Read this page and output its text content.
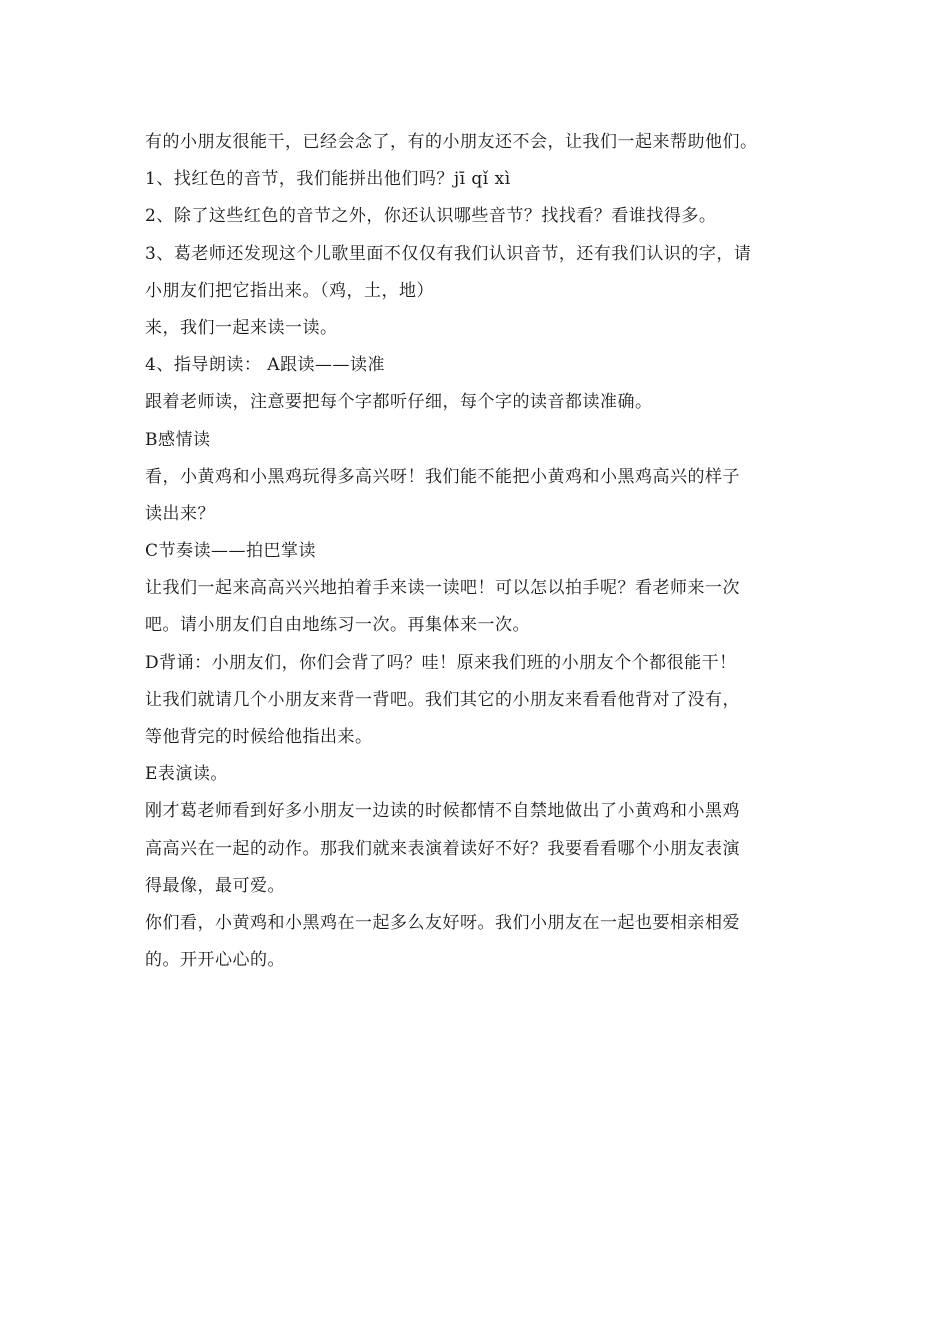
有的小朋友很能干，已经会念了，有的小朋友还不会，让我们一起来帮助他们。

1、找红色的音节，我们能拼出他们吗？jī qǐ xì

2、除了这些红色的音节之外，你还认识哪些音节？找找看？看谁找得多。

3、葛老师还发现这个儿歌里面不仅仅有我们认识音节，还有我们认识的字，请

小朋友们把它指出来。（鸡，土，地）

来，我们一起来读一读。

4、指导朗读： A跟读——读准

跟着老师读，注意要把每个字都听仔细，每个字的读音都读准确。

B感情读

看，小黄鸡和小黑鸡玩得多高兴呀！我们能不能把小黄鸡和小黑鸡高兴的样子

读出来？

C节奏读——拍巴掌读

让我们一起来高高兴兴地拍着手来读一读吧！可以怎以拍手呢？看老师来一次

吧。请小朋友们自由地练习一次。再集体来一次。

D背诵：小朋友们，你们会背了吗？哇！原来我们班的小朋友个个都很能干！

让我们就请几个小朋友来背一背吧。我们其它的小朋友来看看他背对了没有，

等他背完的时候给他指出来。

E表演读。

刚才葛老师看到好多小朋友一边读的时候都情不自禁地做出了小黄鸡和小黑鸡

高高兴在一起的动作。那我们就来表演着读好不好？我要看看哪个小朋友表演

得最像，最可爱。

你们看，小黄鸡和小黑鸡在一起多么友好呀。我们小朋友在一起也要相亲相爱

的。开开心心的。
